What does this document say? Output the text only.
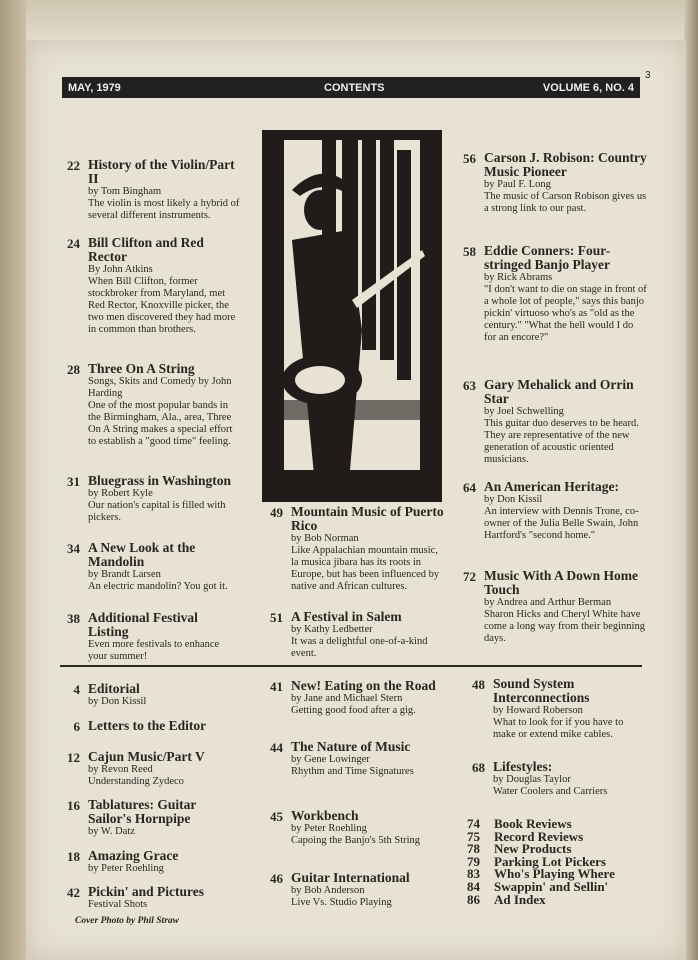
MAY, 1979	CONTENTS	VOLUME 6, NO. 4
3
A
22 History of the Violin/Part II
by Tom Bingham
The violin is most likely a hybrid of several different instruments.
24 Bill Clifton and Red Rector
By John Atkins
When Bill Clifton, former stockbroker from Maryland, met Red Rector, Knoxville picker, the two men discovered they had more in common than brothers.
28 Three On A String
Songs, Skits and Comedy by John Harding
One of the most popular bands in the Birmingham, Ala., area, Three On A String makes a special effort to establish a "good time" feeling.
31 Bluegrass in Washington
by Robert Kyle
Our nation's capital is filled with pickers.
34 A New Look at the Mandolin
by Brandt Larsen
An electric mandolin? You got it.
38 Additional Festival Listing
Even more festivals to enhance your summer!
49 Mountain Music of Puerto Rico
by Bob Norman
Like Appalachian mountain music, la musica jibara has its roots in Europe, but has been influenced by native and African cultures.
51 A Festival in Salem
by Kathy Ledbetter
It was a delightful one-of-a-kind event.
56 Carson J. Robison: Country Music Pioneer
by Paul F. Long
The music of Carson Robison gives us a strong link to our past.
58 Eddie Conners: Four-stringed Banjo Player
by Rick Abrams
"I don't want to die on stage in front of a whole lot of people," says this banjo pickin' virtuoso who's as "old as the century." "What the hell would I do for an encore?"
63 Gary Mehalick and Orrin Star
by Joel Schwelling
This guitar duo deserves to be heard. They are representative of the new generation of acoustic oriented musicians.
64 An American Heritage:
by Don Kissil
An interview with Dennis Trone, co-owner of the Julia Belle Swain, John Hartford's "second home."
72 Music With A Down Home Touch
by Andrea and Arthur Berman
Sharon Hicks and Cheryl White have come a long way from their beginning days.
4 Editorial
by Don Kissil
6 Letters to the Editor
12 Cajun Music/Part V
by Revon Reed
Understanding Zydeco
16 Tablatures: Guitar Sailor's Hornpipe
by W. Datz
18 Amazing Grace
by Peter Roehling
42 Pickin' and Pictures
Festival Shots
41 New! Eating on the Road
by Jane and Michael Stern
Getting good food after a gig.
44 The Nature of Music
by Gene Lowinger
Rhythm and Time Signatures
45 Workbench
by Peter Roehling
Capoing the Banjo's 5th String
46 Guitar International
by Bob Anderson
Live Vs. Studio Playing
48 Sound System Interconnections
by Howard Roberson
What to look for if you have to make or extend mike cables.
68 Lifestyles:
by Douglas Taylor
Water Coolers and Carriers
74	Book Reviews
75	Record Reviews
78	New Products
79	Parking Lot Pickers
83	Who's Playing Where
84	Swappin' and Sellin'
86	Ad Index
Cover Photo by Phil Straw
